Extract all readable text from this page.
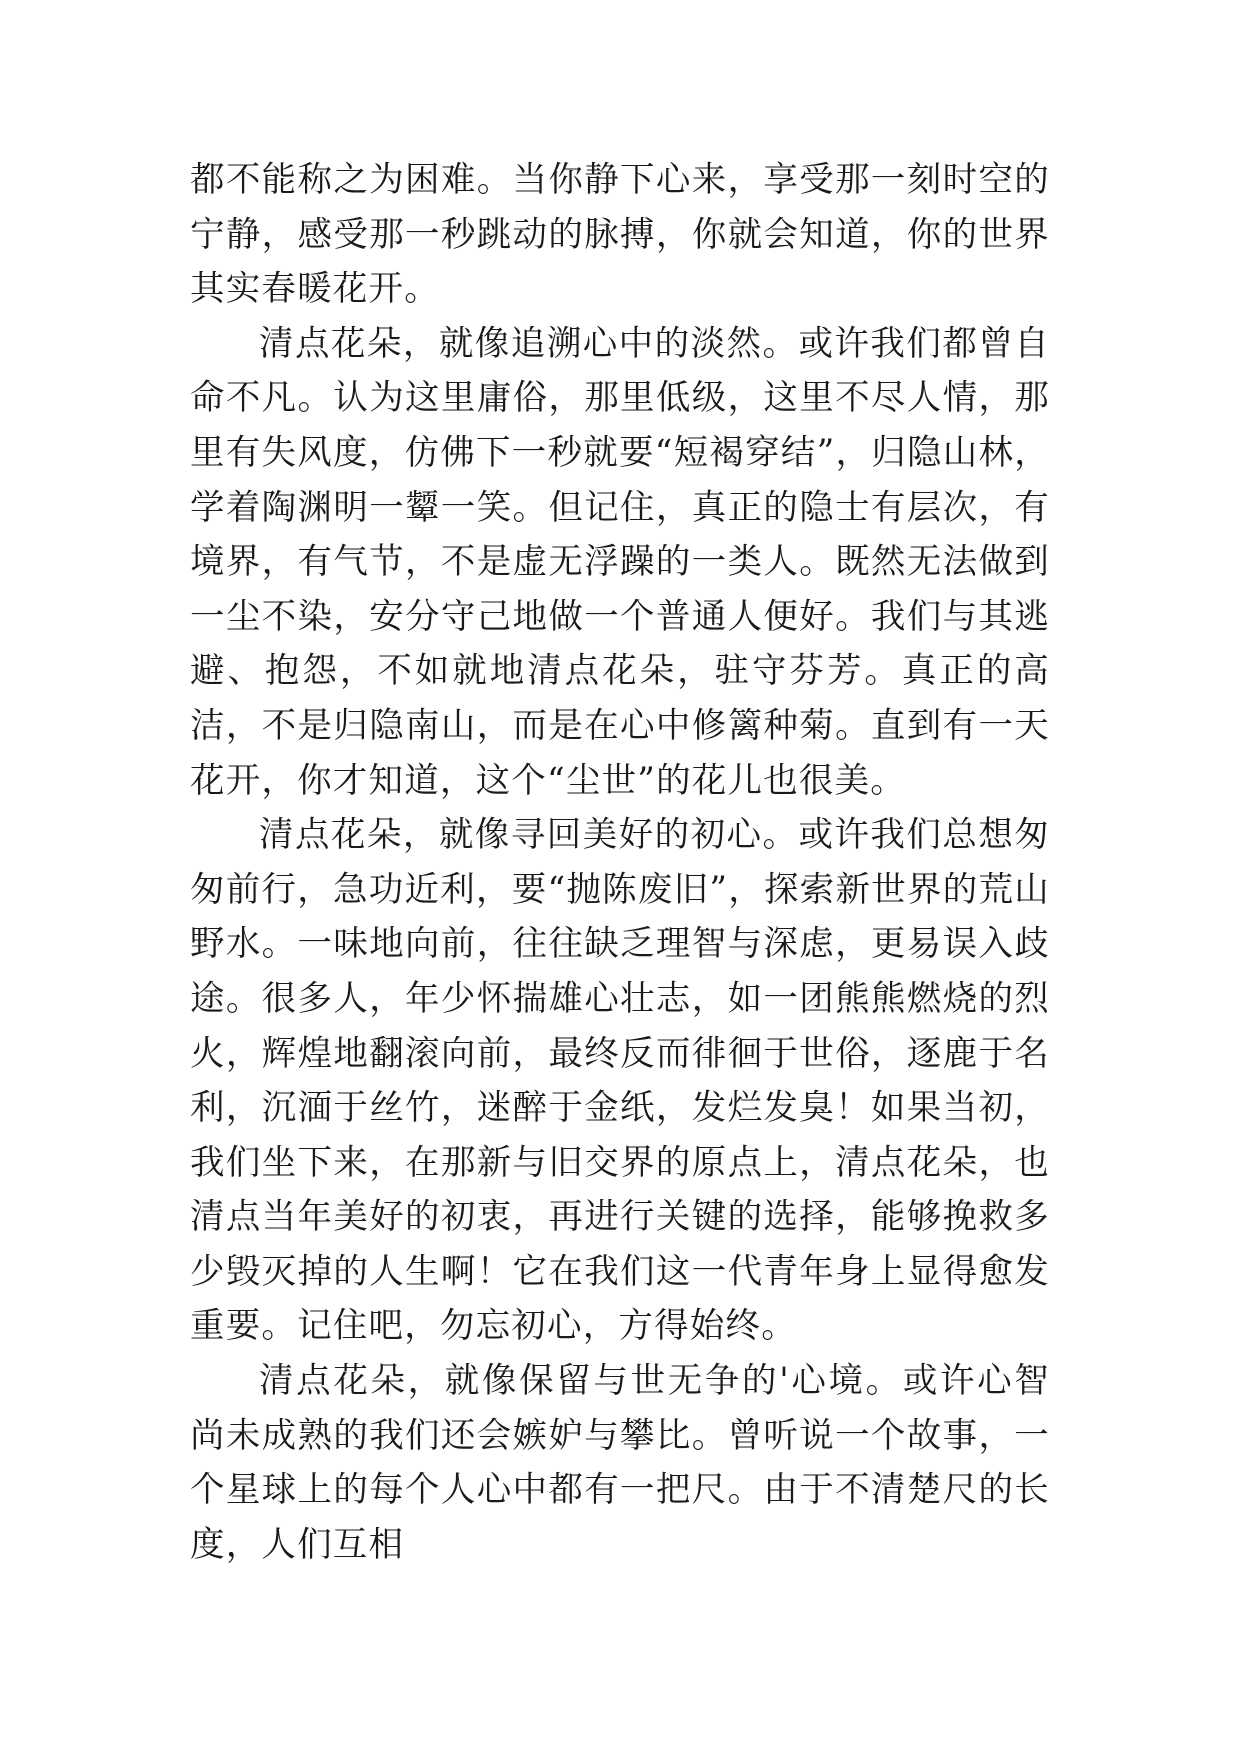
都不能称之为困难。当你静下心来，享受那一刻时空的宁静，感受那一秒跳动的脉搏，你就会知道，你的世界其实春暖花开。

清点花朵，就像追溯心中的淡然。或许我们都曾自命不凡。认为这里庸俗，那里低级，这里不尽人情，那里有失风度，仿佛下一秒就要“短褐穿结”，归隐山林，学着陶渊明一颦一笑。但记住，真正的隐士有层次，有境界，有气节，不是虚无浮躁的一类人。既然无法做到一尘不染，安分守己地做一个普通人便好。我们与其逃避、抱怨，不如就地清点花朵，驻守芬芳。真正的高洁，不是归隐南山，而是在心中修篱种菊。直到有一天花开，你才知道，这个“尘世”的花儿也很美。

清点花朵，就像寻回美好的初心。或许我们总想匆匆前行，急功近利，要“抛陈废旧”，探索新世界的荒山野水。一味地向前，往往缺乏理智与深虑，更易误入歧途。很多人，年少怀揣雄心壮志，如一团熊熊燃烧的烈火，辉煌地翻滚向前，最终反而徘徊于世俗，逐鹿于名利，沉湎于丝竹，迷醉于金纸，发烂发臭！如果当初，我们坐下来，在那新与旧交界的原点上，清点花朵，也清点当年美好的初衷，再进行关键的选择，能够挽救多少毁灭掉的人生啊！它在我们这一代青年身上显得愈发重要。记住吧，勿忘初心，方得始终。

清点花朵，就像保留与世无争的'心境。或许心智尚未成熟的我们还会嫉妒与攀比。曾听说一个故事，一个星球上的每个人心中都有一把尺。由于不清楚尺的长度，人们互相
